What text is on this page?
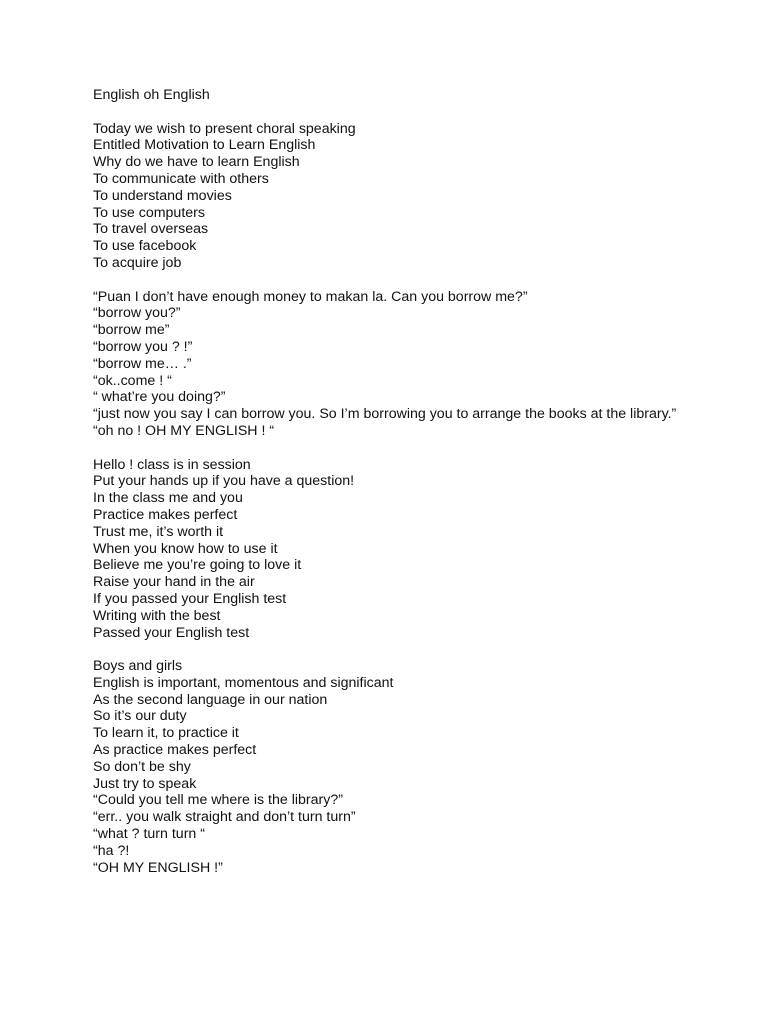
English oh English
Today we wish to present choral speaking
Entitled Motivation to Learn English
Why do we have to learn English
To communicate with others
To understand movies
To use computers
To travel overseas
To use facebook
To acquire job
“Puan I don’t have enough money to makan la. Can you borrow me?”
“borrow you?”
“borrow me”
“borrow you ? !”
“borrow me… .”
“ok..come ! “
“ what’re you doing?”
“just now you say I can borrow you. So I’m borrowing you to arrange the books at the library.”
“oh no ! OH MY ENGLISH ! “
Hello ! class is in session
Put your hands up if you have a question!
In the class me and you
Practice makes perfect
Trust me, it’s worth it
When you know how to use it
Believe me you’re going to love it
Raise your hand in the air
If you passed your English test
Writing with the best
Passed your English test
Boys and girls
English is important, momentous and significant
As the second language in our nation
So it’s our duty
To learn it, to practice it
As practice makes perfect
So don’t be shy
Just try to speak
“Could you tell me where is the library?”
“err.. you walk straight and don’t turn turn”
“what ? turn turn “
“ha ?!
“OH MY ENGLISH !”
